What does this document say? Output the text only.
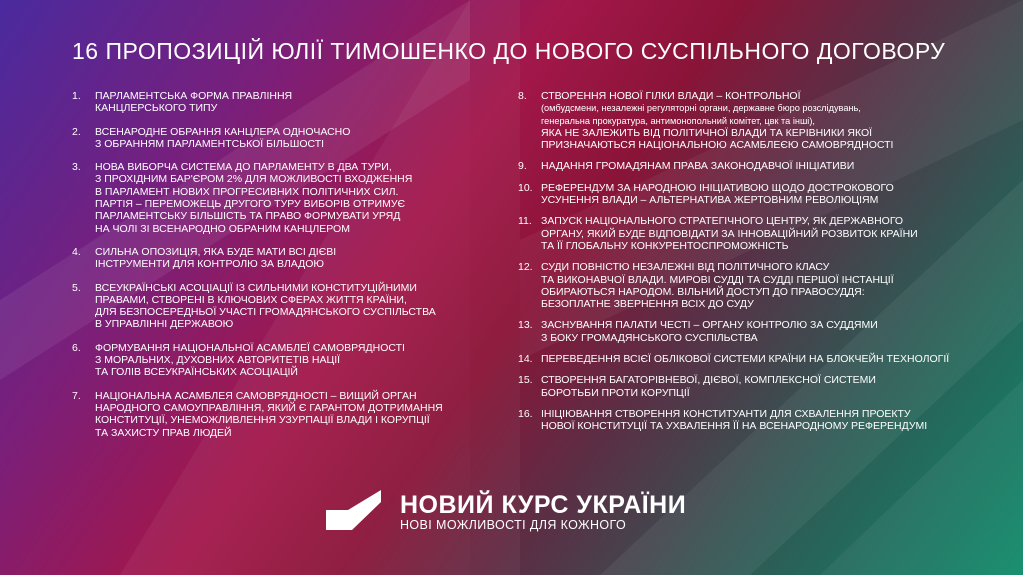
16 ПРОПОЗИЦІЙ ЮЛІЇ ТИМОШЕНКО ДО НОВОГО СУСПІЛЬНОГО ДОГОВОРУ
1.	ПАРЛАМЕНТСЬКА ФОРМА ПРАВЛІННЯ
КАНЦЛЕРСЬКОГО ТИПУ
2.	ВСЕНАРОДНЕ ОБРАННЯ КАНЦЛЕРА ОДНОЧАСНО
З ОБРАННЯМ ПАРЛАМЕНТСЬКОЇ БІЛЬШОСТІ
3.	НОВА ВИБОРЧА СИСТЕМА ДО ПАРЛАМЕНТУ В ДВА ТУРИ,
З ПРОХІДНИМ БАР'ЄРОМ 2% ДЛЯ МОЖЛИВОСТІ ВХОДЖЕННЯ
В ПАРЛАМЕНТ НОВИХ ПРОГРЕСИВНИХ ПОЛІТИЧНИХ СИЛ.
ПАРТІЯ – ПЕРЕМОЖЕЦЬ ДРУГОГО ТУРУ ВИБОРІВ ОТРИМУЄ
ПАРЛАМЕНТСЬКУ БІЛЬШІСТЬ ТА ПРАВО ФОРМУВАТИ УРЯД
НА ЧОЛІ ЗІ ВСЕНАРОДНО ОБРАНИМ КАНЦЛЕРОМ
4.	СИЛЬНА ОПОЗИЦІЯ, ЯКА БУДЕ МАТИ ВСІ ДІЄВІ
ІНСТРУМЕНТИ ДЛЯ КОНТРОЛЮ ЗА ВЛАДОЮ
5.	ВСЕУКРАЇНСЬКІ АСОЦІАЦІЇ ІЗ СИЛЬНИМИ КОНСТИТУЦІЙНИМИ
ПРАВАМИ, СТВОРЕНІ В КЛЮЧОВИХ СФЕРАХ ЖИТТЯ КРАЇНИ,
ДЛЯ БЕЗПОСЕРЕДНЬОЇ УЧАСТІ ГРОМАДЯНСЬКОГО СУСПІЛЬСТВА
В УПРАВЛІННІ ДЕРЖАВОЮ
6.	ФОРМУВАННЯ НАЦІОНАЛЬНОЇ АСАМБЛЕЇ САМОВРЯДНОСТІ
З МОРАЛЬНИХ, ДУХОВНИХ АВТОРИТЕТІВ НАЦІЇ
ТА ГОЛІВ ВСЕУКРАЇНСЬКИХ АСОЦІАЦІЙ
7.	НАЦІОНАЛЬНА АСАМБЛЕЯ САМОВРЯДНОСТІ – ВИЩИЙ ОРГАН
НАРОДНОГО САМОУПРАВЛІННЯ, ЯКИЙ Є ГАРАНТОМ ДОТРИМАННЯ
КОНСТИТУЦІЇ, УНЕМОЖЛИВЛЕННЯ УЗУРПАЦІЇ ВЛАДИ І КОРУПЦІЇ
ТА ЗАХИСТУ ПРАВ ЛЮДЕЙ
8.	СТВОРЕННЯ НОВОЇ ГІЛКИ ВЛАДИ – КОНТРОЛЬНОЇ
(омбудсмени, незалежні регуляторні органи, державне бюро розслідувань,
генеральна прокуратура, антимонопольний комітет, цвк та інші),
ЯКА НЕ ЗАЛЕЖИТЬ ВІД ПОЛІТИЧНОЇ ВЛАДИ ТА КЕРІВНИКИ ЯКОЇ
ПРИЗНАЧАЮТЬСЯ НАЦІОНАЛЬНОЮ АСАМБЛЕЄЮ САМОВРЯДНОСТІ
9.	НАДАННЯ ГРОМАДЯНАМ ПРАВА ЗАКОНОДАВЧОЇ ІНІЦІАТИВИ
10. РЕФЕРЕНДУМ ЗА НАРОДНОЮ ІНІЦІАТИВОЮ ЩОДО ДОСТРОКОВОГО
УСУНЕННЯ ВЛАДИ – АЛЬТЕРНАТИВА ЖЕРТОВНИМ РЕВОЛЮЦІЯМ
11. ЗАПУСК НАЦІОНАЛЬНОГО СТРАТЕГІЧНОГО ЦЕНТРУ, ЯК ДЕРЖАВНОГО
ОРГАНУ, ЯКИЙ БУДЕ ВІДПОВІДАТИ ЗА ІННОВАЦІЙНИЙ РОЗВИТОК КРАЇНИ
ТА ЇЇ ГЛОБАЛЬНУ КОНКУРЕНТОСПРОМОЖНІСТЬ
12. СУДИ ПОВНІСТЮ НЕЗАЛЕЖНІ ВІД ПОЛІТИЧНОГО КЛАСУ
ТА ВИКОНАВЧОЇ ВЛАДИ. МИРОВІ СУДДІ ТА СУДДІ ПЕРШОЇ ІНСТАНЦІЇ
ОБИРАЮТЬСЯ НАРОДОМ. ВІЛЬНИЙ ДОСТУП ДО ПРАВОСУДДЯ:
БЕЗОПЛАТНЕ ЗВЕРНЕННЯ ВСІХ ДО СУДУ
13. ЗАСНУВАННЯ ПАЛАТИ ЧЕСТІ – ОРГАНУ КОНТРОЛЮ ЗА СУДДЯМИ
З БОКУ ГРОМАДЯНСЬКОГО СУСПІЛЬСТВА
14. ПЕРЕВЕДЕННЯ ВСІЄЇ ОБЛІКОВОЇ СИСТЕМИ КРАЇНИ НА БЛОКЧЕЙН ТЕХНОЛОГІЇ
15. СТВОРЕННЯ БАГАТОРІВНЕВОЇ, ДІЄВОЇ, КОМПЛЕКСНОЇ СИСТЕМИ
БОРОТЬБИ ПРОТИ КОРУПЦІЇ
16. ІНІЦІЮВАННЯ СТВОРЕННЯ КОНСТИТУАНТИ ДЛЯ СХВАЛЕННЯ ПРОЕКТУ
НОВОЇ КОНСТИТУЦІЇ ТА УХВАЛЕННЯ ЇЇ НА ВСЕНАРОДНОМУ РЕФЕРЕНДУМІ
НОВИЙ КУРС УКРАЇНИ
НОВІ МОЖЛИВОСТІ ДЛЯ КОЖНОГО
